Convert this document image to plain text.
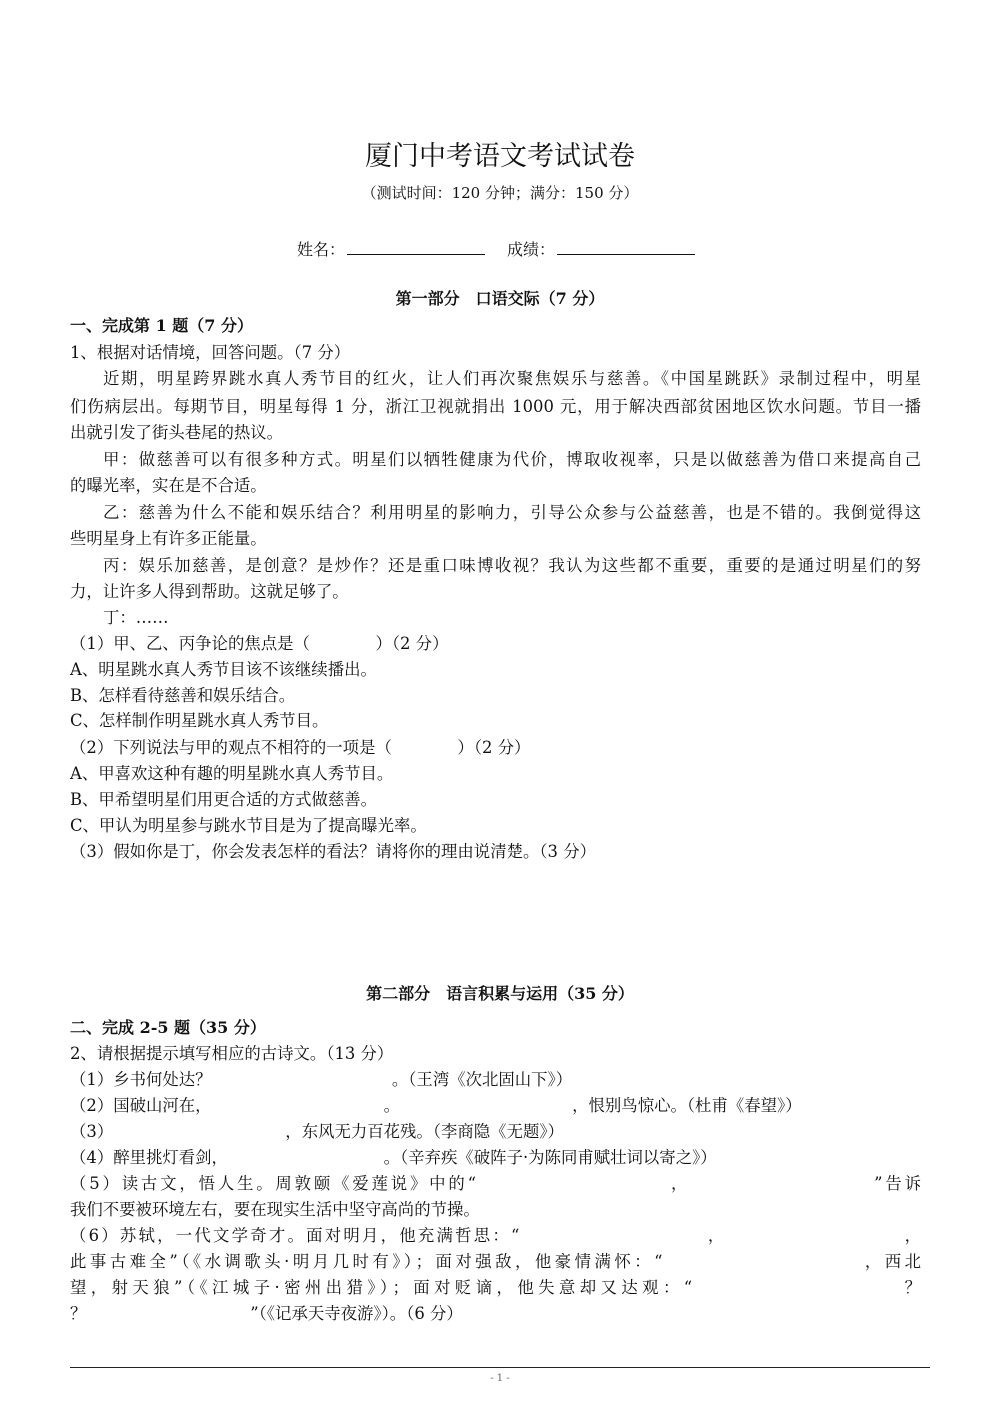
厦门中考语文考试试卷
（测试时间：120 分钟；满分：150 分）
姓名：	成绩：
第一部分　口语交际（7 分）
一、完成第 1 题（7 分）
1、根据对话情境，回答问题。（7 分）
近期，明星跨界跳水真人秀节目的红火，让人们再次聚焦娱乐与慈善。《中国星跳跃》录制过程中，明星
们伤病层出。每期节目，明星每得 1 分，浙江卫视就捐出 1000 元，用于解决西部贫困地区饮水问题。节目一播
出就引发了街头巷尾的热议。
甲：做慈善可以有很多种方式。明星们以牺牲健康为代价，博取收视率，只是以做慈善为借口来提高自己
的曝光率，实在是不合适。
乙：慈善为什么不能和娱乐结合？利用明星的影响力，引导公众参与公益慈善，也是不错的。我倒觉得这
些明星身上有许多正能量。
丙：娱乐加慈善，是创意？是炒作？还是重口味博收视？我认为这些都不重要，重要的是通过明星们的努
力，让许多人得到帮助。这就足够了。
丁：……
（1）甲、乙、丙争论的焦点是（　　　　）（2 分）
A、明星跳水真人秀节目该不该继续播出。
B、怎样看待慈善和娱乐结合。
C、怎样制作明星跳水真人秀节目。
（2）下列说法与甲的观点不相符的一项是（　　　　）（2 分）
A、甲喜欢这种有趣的明星跳水真人秀节目。
B、甲希望明星们用更合适的方式做慈善。
C、甲认为明星参与跳水节目是为了提高曝光率。
（3）假如你是丁，你会发表怎样的看法？请将你的理由说清楚。（3 分）
第二部分　语言积累与运用（35 分）
二、完成 2-5 题（35 分）
2、请根据提示填写相应的古诗文。（13 分）
（1）乡书何处达？　　　　　　　　　　　。（王湾《次北固山下》）
（2）国破山河在，　　　　　　　　　　　。　　　　　　　　　　　，恨别鸟惊心。（杜甫《春望》）
（3）　　　　　　　　　　　，东风无力百花残。（李商隐《无题》）
（4）醉里挑灯看剑，　　　　　　　　　　。（辛弃疾《破阵子·为陈同甫赋壮词以寄之》）
（5）读古文，悟人生。周敦颐《爱莲说》中的“　　　　　　　　　　，　　　　　　　　　　”告诉
我们不要被环境左右，要在现实生活中坚守高尚的节操。
（6）苏轼，一代文学奇才。面对明月，他充满哲思：“　　　　　　　　　　，　　　　　　　　　　，
此事古难全”（《水调歌头·明月几时有》）；面对强敌，他豪情满怀：“　　　　　　　　　　，西北
望，射天狼”（《江城子·密州出猎》）；面对贬谪，他失意却又达观：“　　　　　　　　　　？
？　　　　　　　　　　”（《记承天寺夜游》）。（6 分）
- 1 -
